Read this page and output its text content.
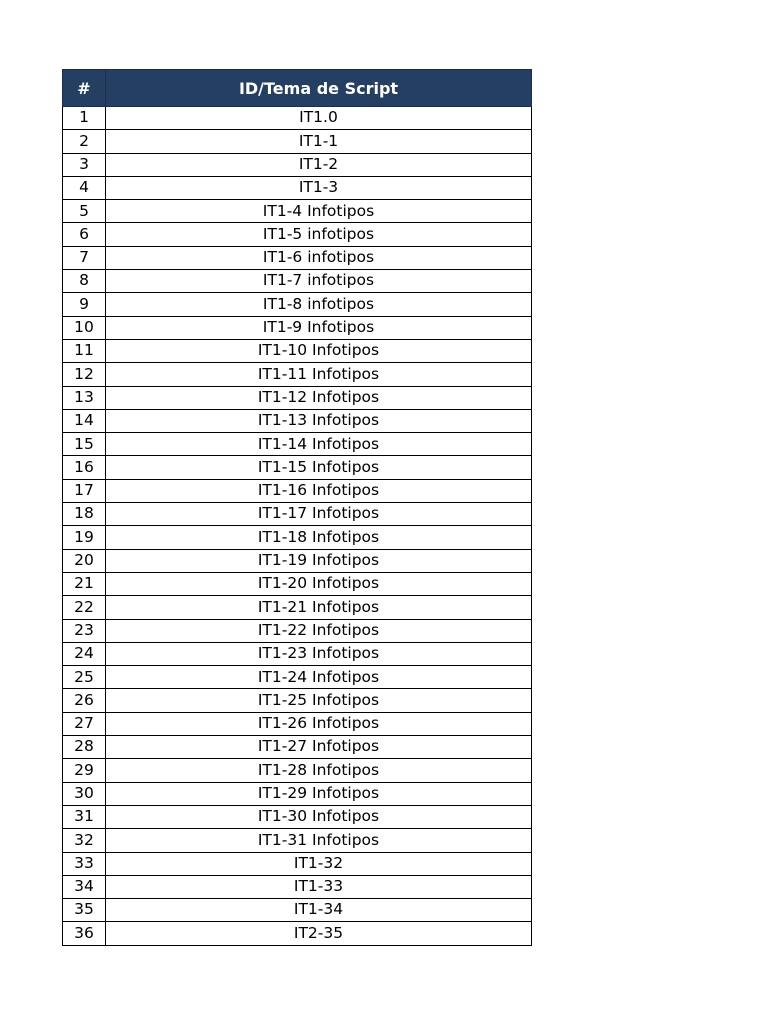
#	ID/Tema de Script
1	IT1.0
2	IT1-1
3	IT1-2
4	IT1-3
5	IT1-4 Infotipos
6	IT1-5 infotipos
7	IT1-6 infotipos
8	IT1-7 infotipos
9	IT1-8 infotipos
10	IT1-9 Infotipos
11	IT1-10 Infotipos
12	IT1-11 Infotipos
13	IT1-12 Infotipos
14	IT1-13 Infotipos
15	IT1-14 Infotipos
16	IT1-15 Infotipos
17	IT1-16 Infotipos
18	IT1-17 Infotipos
19	IT1-18 Infotipos
20	IT1-19 Infotipos
21	IT1-20 Infotipos
22	IT1-21 Infotipos
23	IT1-22 Infotipos
24	IT1-23 Infotipos
25	IT1-24 Infotipos
26	IT1-25 Infotipos
27	IT1-26 Infotipos
28	IT1-27 Infotipos
29	IT1-28 Infotipos
30	IT1-29 Infotipos
31	IT1-30 Infotipos
32	IT1-31 Infotipos
33	IT1-32
34	IT1-33
35	IT1-34
36	IT2-35
